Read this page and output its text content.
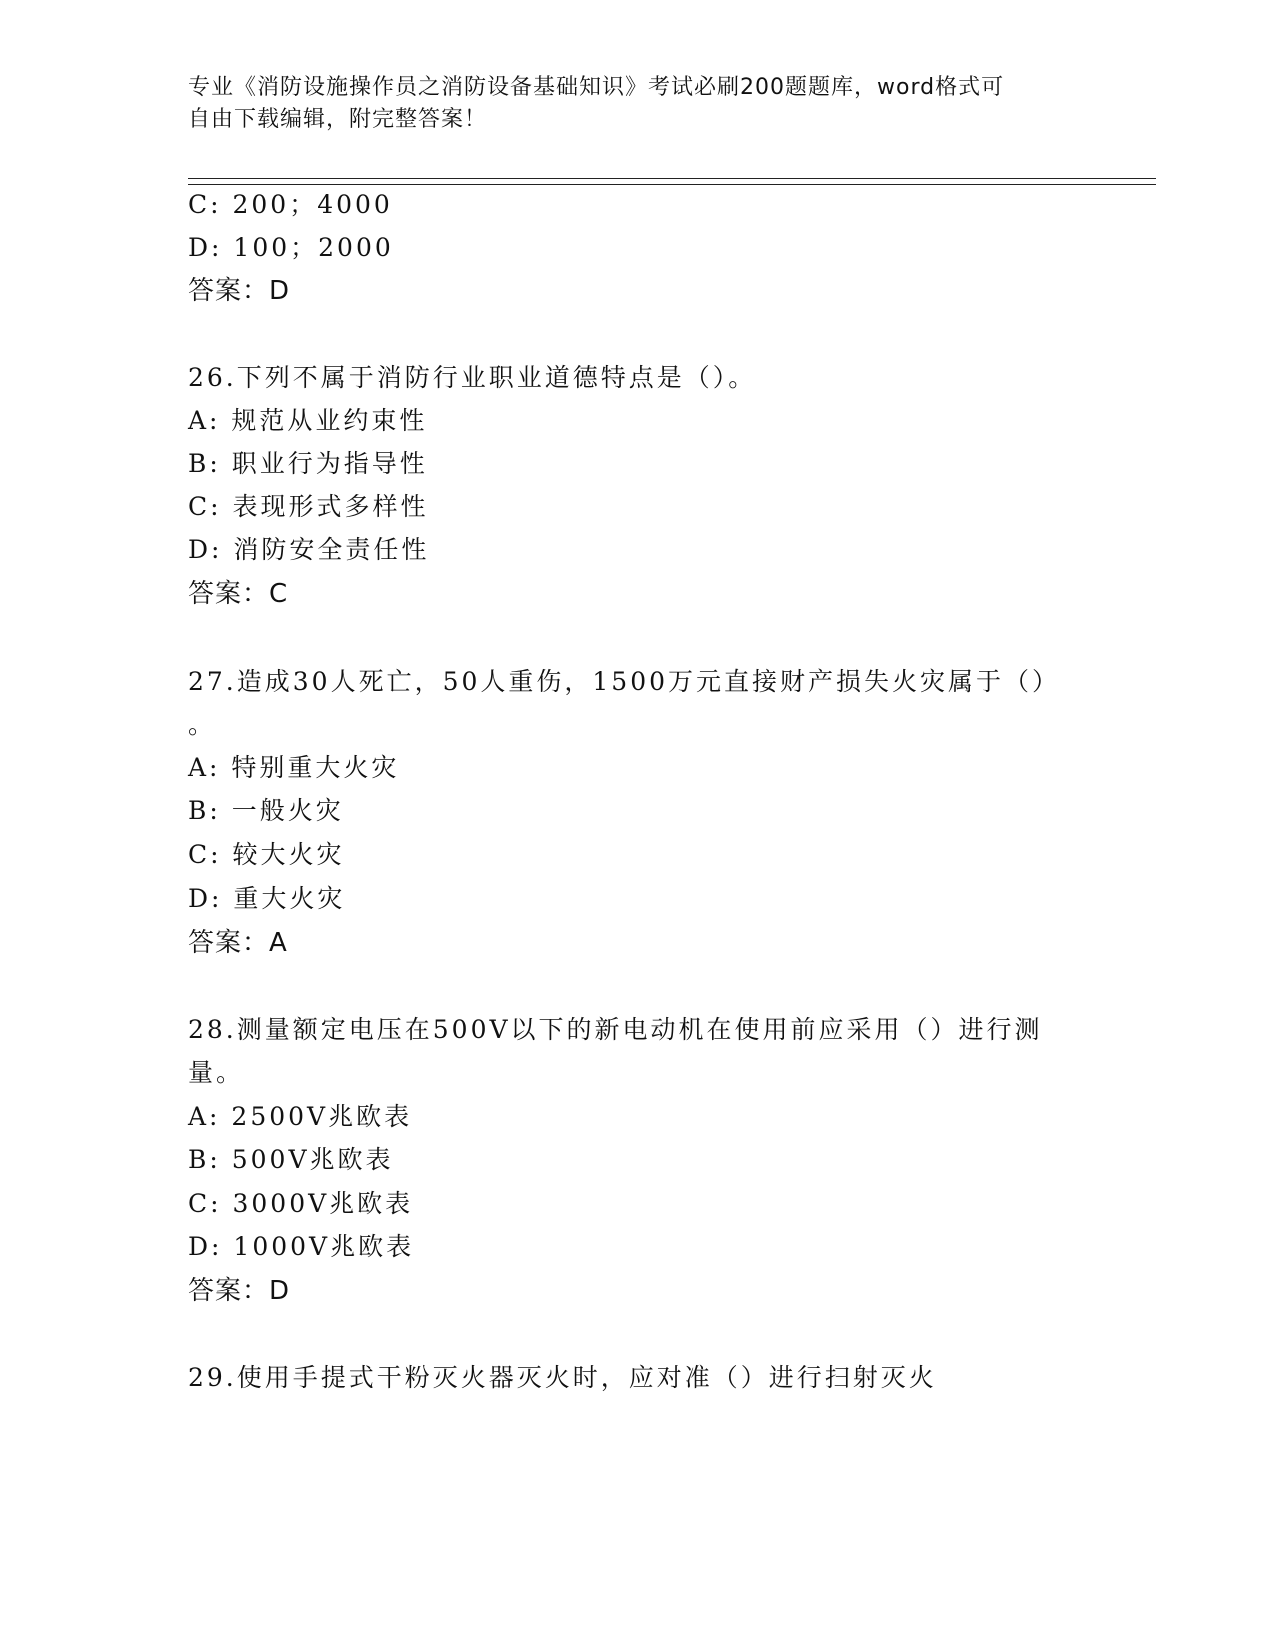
专业《消防设施操作员之消防设备基础知识》考试必刷200题题库，word格式可
自由下载编辑，附完整答案！
C: 200；4000
D: 100；2000
答案：D
26.下列不属于消防行业职业道德特点是（）。
A: 规范从业约束性
B: 职业行为指导性
C: 表现形式多样性
D: 消防安全责任性
答案：C
27.造成30人死亡，50人重伤，1500万元直接财产损失火灾属于（）
。
A: 特别重大火灾
B: 一般火灾
C: 较大火灾
D: 重大火灾
答案：A
28.测量额定电压在500V以下的新电动机在使用前应采用（）进行测
量。
A: 2500V兆欧表
B: 500V兆欧表
C: 3000V兆欧表
D: 1000V兆欧表
答案：D
29.使用手提式干粉灭火器灭火时，应对准（）进行扫射灭火
